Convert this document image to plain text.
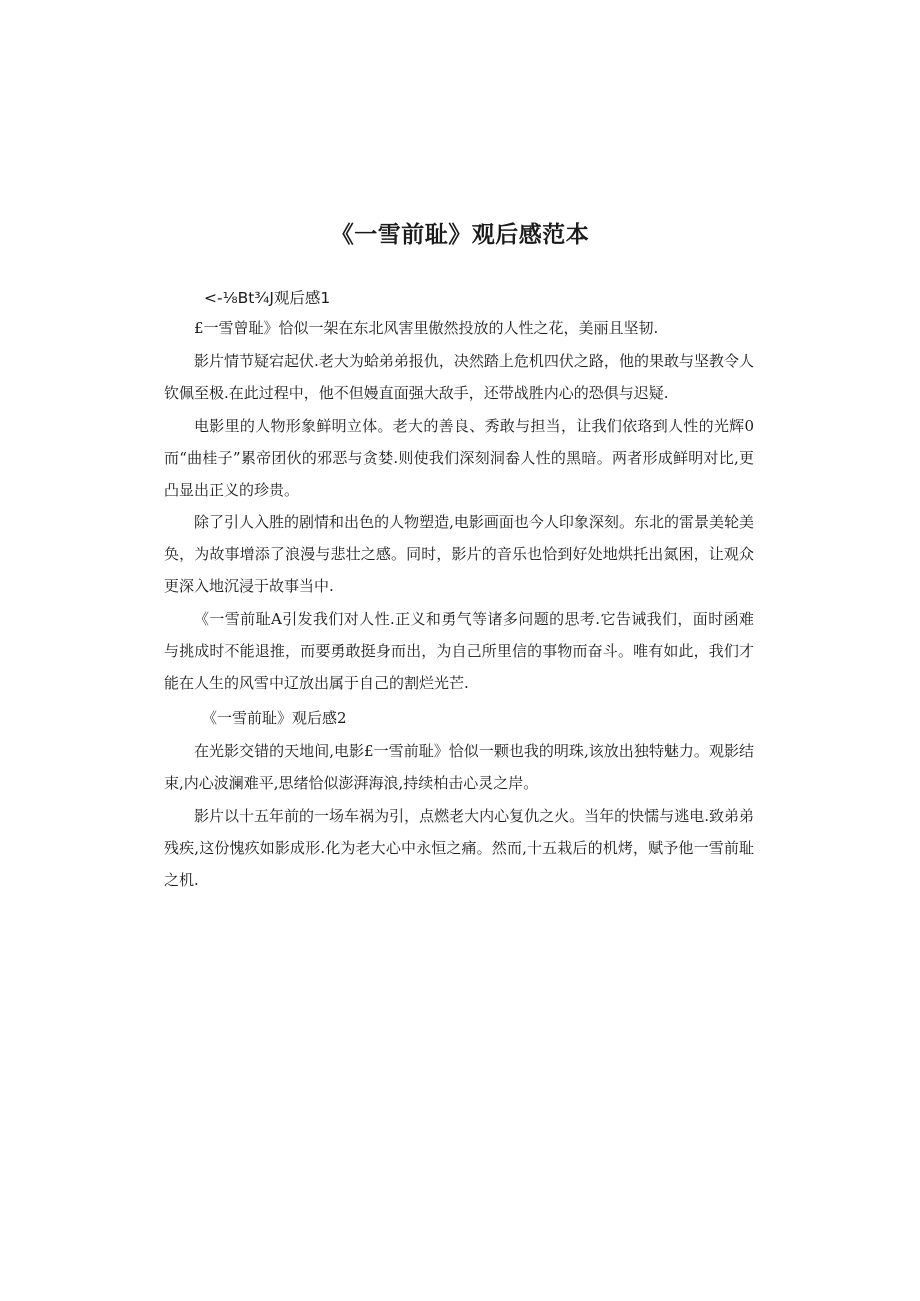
《一雪前耻》观后感范本

<-⅛Bt¾J观后感1

£一雪曾耻》恰似一架在东北风害里傲然投放的人性之花，美丽且坚韧.

影片情节疑宕起伏.老大为蛤弟弟报仇，决然踏上危机四伏之路，他的果敢与坚教令人钦佩至极.在此过程中，他不但嫚直面强大敌手，还带战胜内心的恐俱与迟疑.

电影里的人物形象鲜明立体。老大的善良、秀敢与担当，让我们依珞到人性的光辉0而“曲桂子”累帝团伙的邪恶与贪婪.则使我们深刻洞畚人性的黑暗。两者形成鲜明对比,更凸显出正义的珍贵。

除了引人入胜的剧情和出色的人物塑造,电影画面也今人印象深刻。东北的雷景美轮美奂，为故事增添了浪漫与悲壮之感。同时，影片的音乐也恰到好处地烘托出氮困，让观众更深入地沉浸于故事当中.

《一雪前耻A引发我们对人性.正义和勇气等诸多问题的思考.它告诫我们，面时函难与挑成时不能退推，而要勇敢挺身而出，为自己所里信的事物而奋斗。唯有如此，我们才能在人生的风雪中辽放出属于自己的割烂光芒.

《一雪前耻》观后感2

在光影交错的天地间,电影£一雪前耻》恰似一颗也我的明珠,该放出独特魅力。观影结束,内心波澜难平,思绪恰似澎湃海浪,持续柏击心灵之岸。

影片以十五年前的一场车祸为引，点燃老大内心复仇之火。当年的快懦与逃电.致弟弟残疾,这份愧疚如影成形.化为老大心中永恒之痛。然而,十五栽后的机烤，赋予他一雪前耻之机.
